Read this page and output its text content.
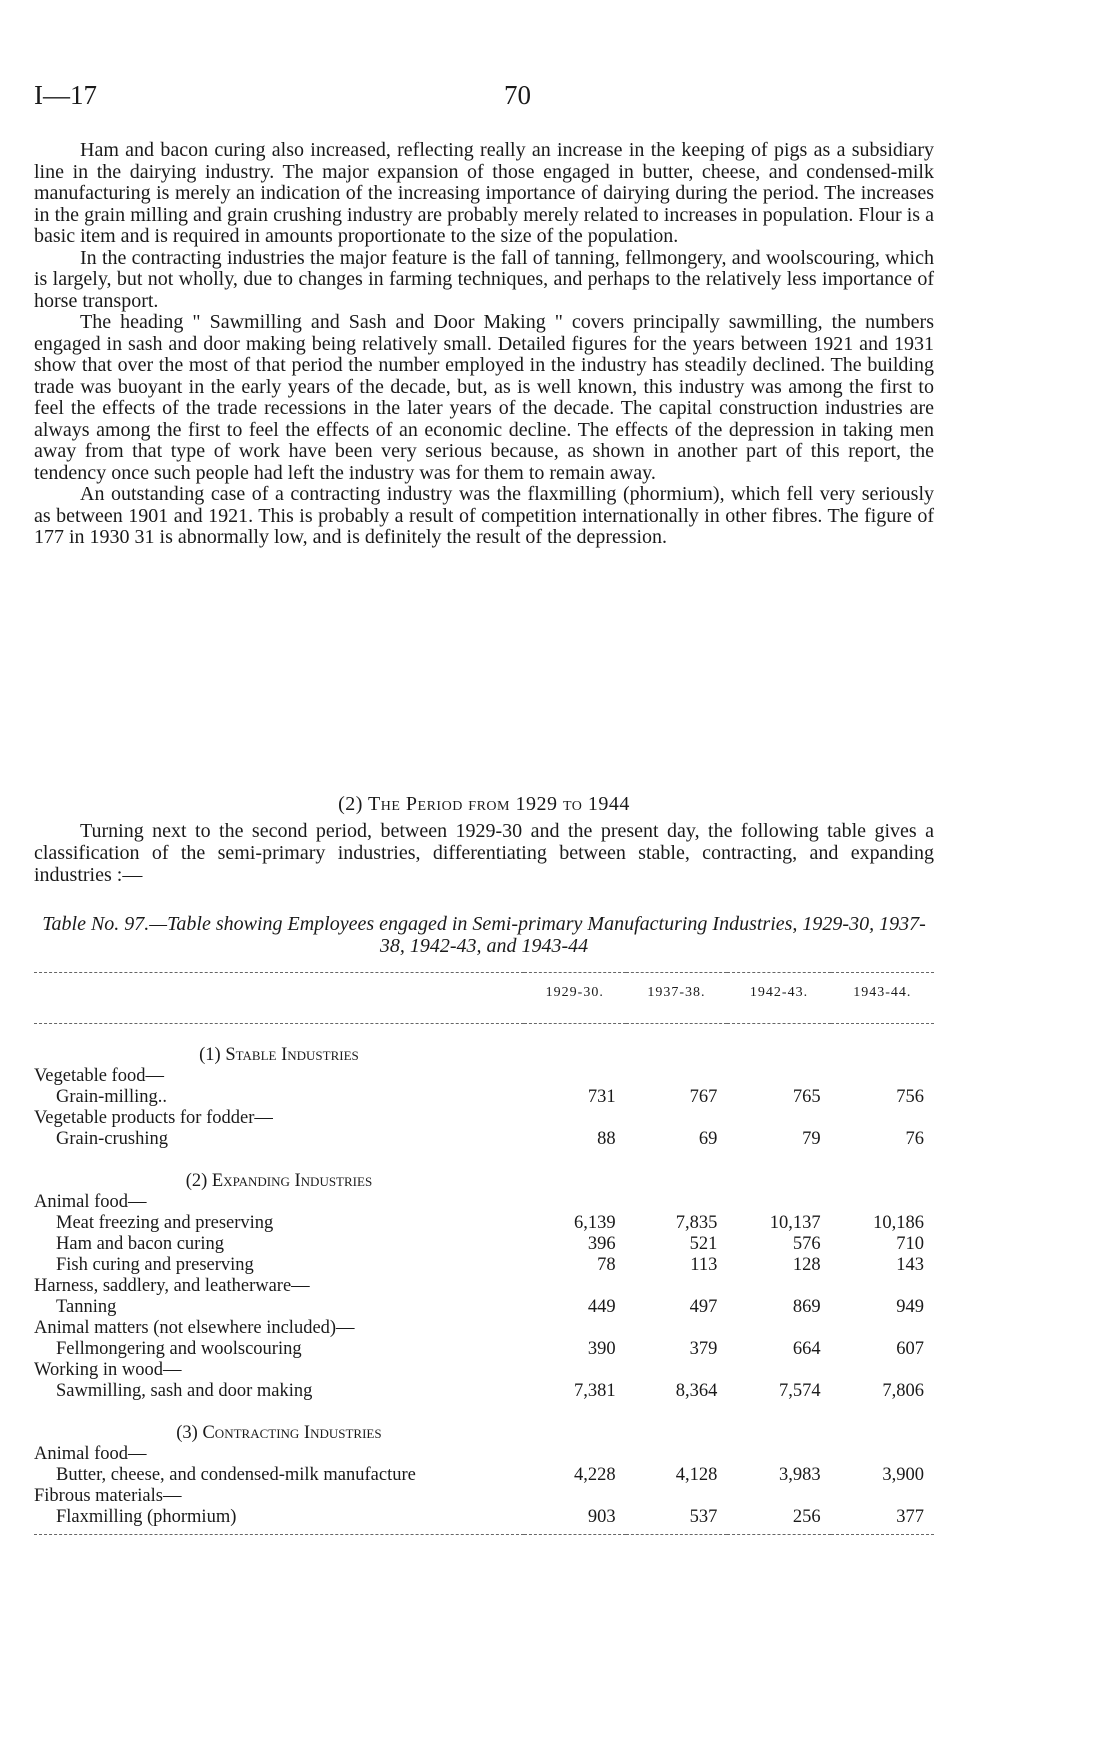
I—17	70

Ham and bacon curing also increased, reflecting really an increase in the keeping of pigs as a subsidiary line in the dairying industry. The major expansion of those engaged in butter, cheese, and condensed-milk manufacturing is merely an indication of the increasing importance of dairying during the period. The increases in the grain milling and grain crushing industry are probably merely related to increases in population. Flour is a basic item and is required in amounts proportionate to the size of the population.

In the contracting industries the major feature is the fall of tanning, fellmongery, and woolscouring, which is largely, but not wholly, due to changes in farming techniques, and perhaps to the relatively less importance of horse transport.

The heading " Sawmilling and Sash and Door Making " covers principally sawmilling, the numbers engaged in sash and door making being relatively small. Detailed figures for the years between 1921 and 1931 show that over the most of that period the number employed in the industry has steadily declined. The building trade was buoyant in the early years of the decade, but, as is well known, this industry was among the first to feel the effects of the trade recessions in the later years of the decade. The capital construction industries are always among the first to feel the effects of an economic decline. The effects of the depression in taking men away from that type of work have been very serious because, as shown in another part of this report, the tendency once such people had left the industry was for them to remain away.

An outstanding case of a contracting industry was the flaxmilling (phormium), which fell very seriously as between 1901 and 1921. This is probably a result of competition internationally in other fibres. The figure of 177 in 1930 31 is abnormally low, and is definitely the result of the depression.

(2) The Period from 1929 to 1944

Turning next to the second period, between 1929-30 and the present day, the following table gives a classification of the semi-primary industries, differentiating between stable, contracting, and expanding industries :—

Table No. 97.—Table showing Employees engaged in Semi-primary Manufacturing Industries, 1929-30, 1937-38, 1942-43, and 1943-44
	1929-30.	1937-38.	1942-43.	1943-44.
(1) Stable Industries				
Vegetable food—				
Grain-milling..	731	767	765	756
Vegetable products for fodder—				
Grain-crushing	88	69	79	76
(2) Expanding Industries				
Animal food—				
Meat freezing and preserving	6,139	7,835	10,137	10,186
Ham and bacon curing	396	521	576	710
Fish curing and preserving	78	113	128	143
Harness, saddlery, and leatherware—				
Tanning	449	497	869	949
Animal matters (not elsewhere included)—				
Fellmongering and woolscouring	390	379	664	607
Working in wood—				
Sawmilling, sash and door making	7,381	8,364	7,574	7,806
(3) Contracting Industries				
Animal food—				
Butter, cheese, and condensed-milk manufacture	4,228	4,128	3,983	3,900
Fibrous materials—				
Flaxmilling (phormium)	903	537	256	377
